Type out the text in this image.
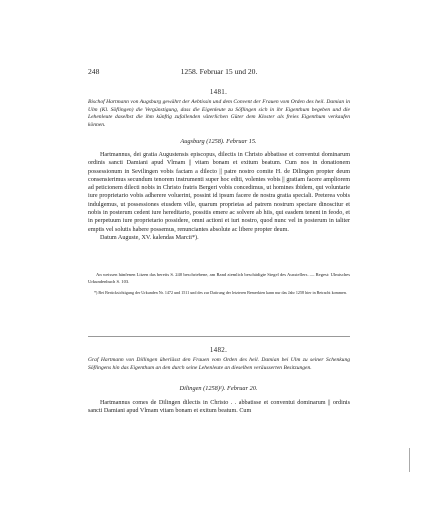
248	1258. Februar 15 und 20.
1481.
Bischof Hartmann von Augsburg gewährt der Aebtissin und dem Convent der Frauen vom Orden des heil. Damian in Ulm (Kl. Söflingen) die Vergünstigung, dass die Eigenleute zu Söflingen sich in ihr Eigenthum begeben und die Lehenleute daselbst die ihm künftig zufallenden väterlichen Güter dem Kloster als freies Eigenthum verkaufen können.
Augsburg (1258). Februar 15.

Hartmannus, dei gratia Augustensis episcopus, dilectis in Christo abbatisse et conventui dominarum ordinis sancti Damiani apud Vlmam || vitam bonam et exitum beatum. Cum nos in donationem possessionum in Sevilingen vobis factam a dilecto || patre nostro comite H. de Dilingen propter deum consensierimus secundum tenorem instrumenti super hoc editi, volentes vobis || gratiam facere ampliorem ad peticionem dilecti nobis in Christo fratris Bergeri vobis concedimus, ut homines ibidem, qui voluntarie iure proprietario vobis adherere voluerint, possint id ipsum facere de nostra gratia speciali. Preterea vobis indulgemus, ut possessiones eiusdem ville, quarum proprietas ad patrem nostrum spectare dinoscitur et nobis in posterum cedent iure hereditario, possitis emere ac solvere ab hiis, qui easdem tenent in feodo, et in perpetuum iure proprietario possidere, omni actioni et iuri nostro, quod nunc vel in posterum in taliter emptis vel solutis habere possemus, renunciantes absolute ac libere propter deum.

Datum Auguste, XV. kalendas Marcii*).

An weissen hänfenen Litzen das bereits S. 240 beschriebene, am Rand ziemlich beschädigte Siegel des Ausstellers. — Regest: Ulmisches Urkundenbuch S. 103.

*) Bei Berücksichtigung der Urkunden Nr. 1472 und 1511 und des zur Datirung der letzteren Bemerkten kann nur das Jahr 1258 hier in Betracht kommen.

1482.
Graf Hartmann von Dillingen überlässt den Frauen vom Orden des heil. Damian bei Ulm zu seiner Schenkung Söflingens hin das Eigenthum an den durch seine Lehenleute an dieselben veräusserten Besitzungen.
Dilingen (1258)¹). Februar 20.

Hartmannus comes de Dilingen dilectis in Christo . . abbatisse et conventui dominarum || ordinis sancti Damiani apud Vlmam vitam bonam et exitum beatum. Cum
